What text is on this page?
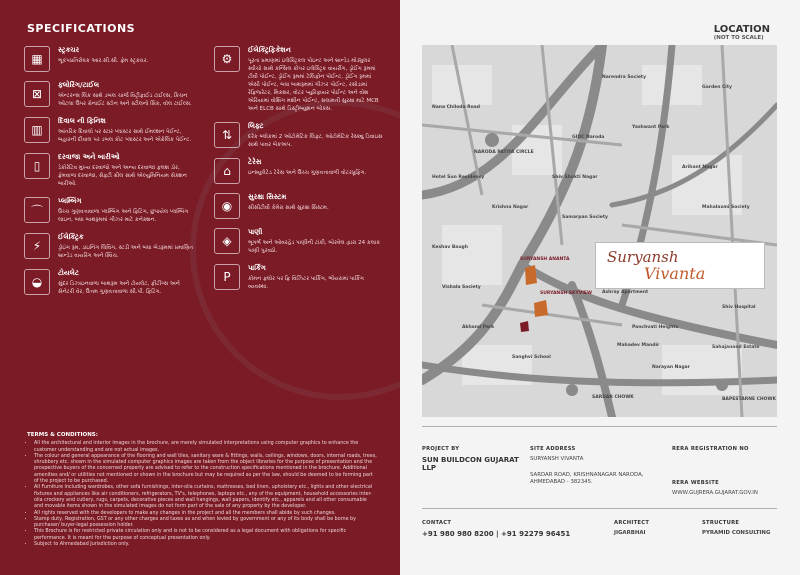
SPECIFICATIONS
▦
સ્ટ્રક્ચર
ભૂકંપપ્રતિરોધક આર.સી.સી. ફ્રેમ સ્ટ્રક્ચર.
⊠
ફ્લોરિંગ/ટાઈલ
એન્ટરન્સ લિંક સાથે ડબલ ચાર્જ વિટ્રીફાઈડ ટાઈલ્સ, કિચન ઓટલા ઉપર ગ્રેનાઈટ સ્ટોન અને સ્ટીલનો સિંક, વૉલ ટાઈલ્સ.
▥
દિવાલ ની ફિનિશ
આંતરિક દિવાલો પર સ્ટાર પ્લાસ્ટર સાથે ઈમલ્શન પેઈન્ટ, બહારની દીવાલ પર ડબલ કોટ પ્લાસ્ટર અને એક્રેલિક પેઈન્ટ.
▯
દરવાજા અને બારીઓ
ડેકોરેટિવ મુખ્ય દરવાજો અને અન્ય દરવાજા ફ્લશ ડોર, ફ્રેમવાળા દરવાજા, સેફ્ટી ગ્રીલ સાથે એલ્યુમિનિયમ સેક્શન બારીઓ.
⌒
પ્લમ્બિંગ
ઉચ્ચ ગુણવત્તાવાળા પ્લમ્બિંગ અને ફિટિંગ, છુપાયેલ પ્લમ્બિંગ લાઇન, બધા બાથરૂમમાં ગીઝર માટે કનેક્શન.
⚡
ઈલેક્ટ્રિક
ડ્રોઇંગ રૂમ, ડાઇનિંગ લિવિંગ, સ્ટડી અને બધા બેડરૂમમાં પ્રમાણિત બ્રાન્ડેડ વાયરિંગ અને સ્વિચ.
◒
ટોયલેટ
સુંદર ડિઝાઇનવાળા બાથરૂમ અને ટોયલેટ, ફીટીંગ્સ અને સેનેટરી વેર, ઉત્તમ ગુણવત્તાવાળા સી.પી. ફિટિંગ.
⚙
ઈલેક્ટ્રિફિકેશન
પૂરતા પ્રમાણમાં ઇલેક્ટ્રિકલ પોઇન્ટ અને બ્રાન્ડેડ મોડ્યુલર સ્વીચો સાથે કન્સિલ કોપર ઇલેક્ટ્રિક વાયરીંગ, ડ્રોઈંગ રૂમમાં ટીવી પોઈન્ટ, ડ્રોઈંગ રૂમમાં ટેલિફોન પોઈન્ટ, ડ્રોઈંગ રૂમમાં એસી પોઈન્ટ, બધા બાથરૂમમાં ગીઝર પોઈન્ટ, રસોડામાં રેફ્રિજરેટર, મિક્સર, વોટર પ્યુરિફાયર પોઈન્ટ અને વોશ એરિયામાં વોશિંગ મશીન પોઈન્ટ, સલામતી સુરક્ષા માટે MCB અને ELCB સાથે ડિસ્ટ્રીબ્યુશન બોક્સ.
⇅
લિફ્ટ
દરેક બ્લોકમાં 2 ઓટોમેટિક લિફ્ટ, ઓટોમેટિક રેસ્ક્યુ ડિવાઇસ સાથે પાવર બેકઅપ.
⌂
ટેરેસ
ઇન્સ્યુલેટેડ ટેરેસ અને ઉચ્ચ ગુણવત્તાવાળી વોટરપ્રૂફિંગ.
◉
સુરક્ષા સિસ્ટમ
સીસીટીવી કેમેરા સાથે સુરક્ષા સિસ્ટમ.
◈
પાણી
ભૂગર્ભ અને ઓવરહેડ પાણીની ટાંકી, બોરવેલ દ્વારા 24 કલાક પાણી પુરવઠો.
P
પાર્કિંગ
કોમન ફ્લોર પર ફ્રિ વિઝિટર પાર્કિંગ, ભોંયરામાં પાર્કિંગ વ્યવસ્થા.
TERMS & CONDITIONS:
• All the architectural and interior images in the brochure, are merely simulated interpretations using computer graphics to enhance the customer understanding and are not actual images.
• The colour and general appearance of the flooring and wall tiles, sanitary ware & fittings, walls, ceilings, windows, doors, internal roads, trees, shrubbery etc. shown in the simulated computer graphics images are taken from the object libraries for the purpose of presentation and the prospective buyers of the concerned property are advised to refer to the construction specifications mentioned in the brochure. Additional amenities and/ or utilities not mentioned or shown in the brochure but may be required as per the law, should be deemed to be forming part of the project to be purchased.
• All Furniture including wardrobes, other sofa furnishings, inter-olia curtains, mattresses, bed linen, upholstery etc., lights and other electrical fixtures and appliances like air conditioners, refrigerators, TV's, telephones, laptops etc., any of the equipment, household accessories inter-olia crockery and cutlery, rugs, carpets, decorative pieces and wall hangings, wall papers, identify etc., apparels and all other consumable and movable items shown in the simulated images do not form part of the sale of any property by the developer.
• All rights reserved with the developers to make any changes in the project and all the members shall abide by such changes.
• Stamp duty, Registration, GST or any other charges and taxes as and when levied by government or any of its body shall be borne by purchaser/ buyer-legal possession holder.
• This Brochure is for restricted private circulation only and is not to be considered as a legal document with obligations for specific performance. It is meant for the purpose of conceptual presentation only.
• Subject to Ahmedabad Jurisdiction only.
LOCATION
(NOT TO SCALE)
NARODA PATIYA CIRCLE
SURYANSH ANANTA
SURYANSH SKYVIEW
SARDAR CHOWK	BAPESTARNE CHOWK
GIDC Naroda
Krishna Nagar
Hotel Sun Residency
Nana Chiloda Road
Keshav Baugh
Narendra Society
Garden City
Arihant Nagar
Mahalaxmi Society
Yashwant Park
Vishala Society
Akhand Park
Sanghvi School
Ashray Apartment
Panchvati Heights
Shiv Hospital
Sahajanand Estate
Narayan Nagar
Mahadev Mandir
Samarpan Society
Shiv Shakti Nagar
Suryansh
Vivanta
PROJECT BY
SUN BUILDCON GUJARAT LLP
SITE ADDRESS
SURYANSH VIVANTA
SARDAR ROAD, KRISHNANAGAR NARODA, AHMEDABAD - 382345.
RERA REGISTRATION NO
RERA WEBSITE
WWW.GUJRERA.GUJARAT.GOV.IN
CONTACT
+91 980 980 8200 | +91 92279 96451
ARCHITECT
JIGARBHAI
STRUCTURE
PYRAMID CONSULTING
